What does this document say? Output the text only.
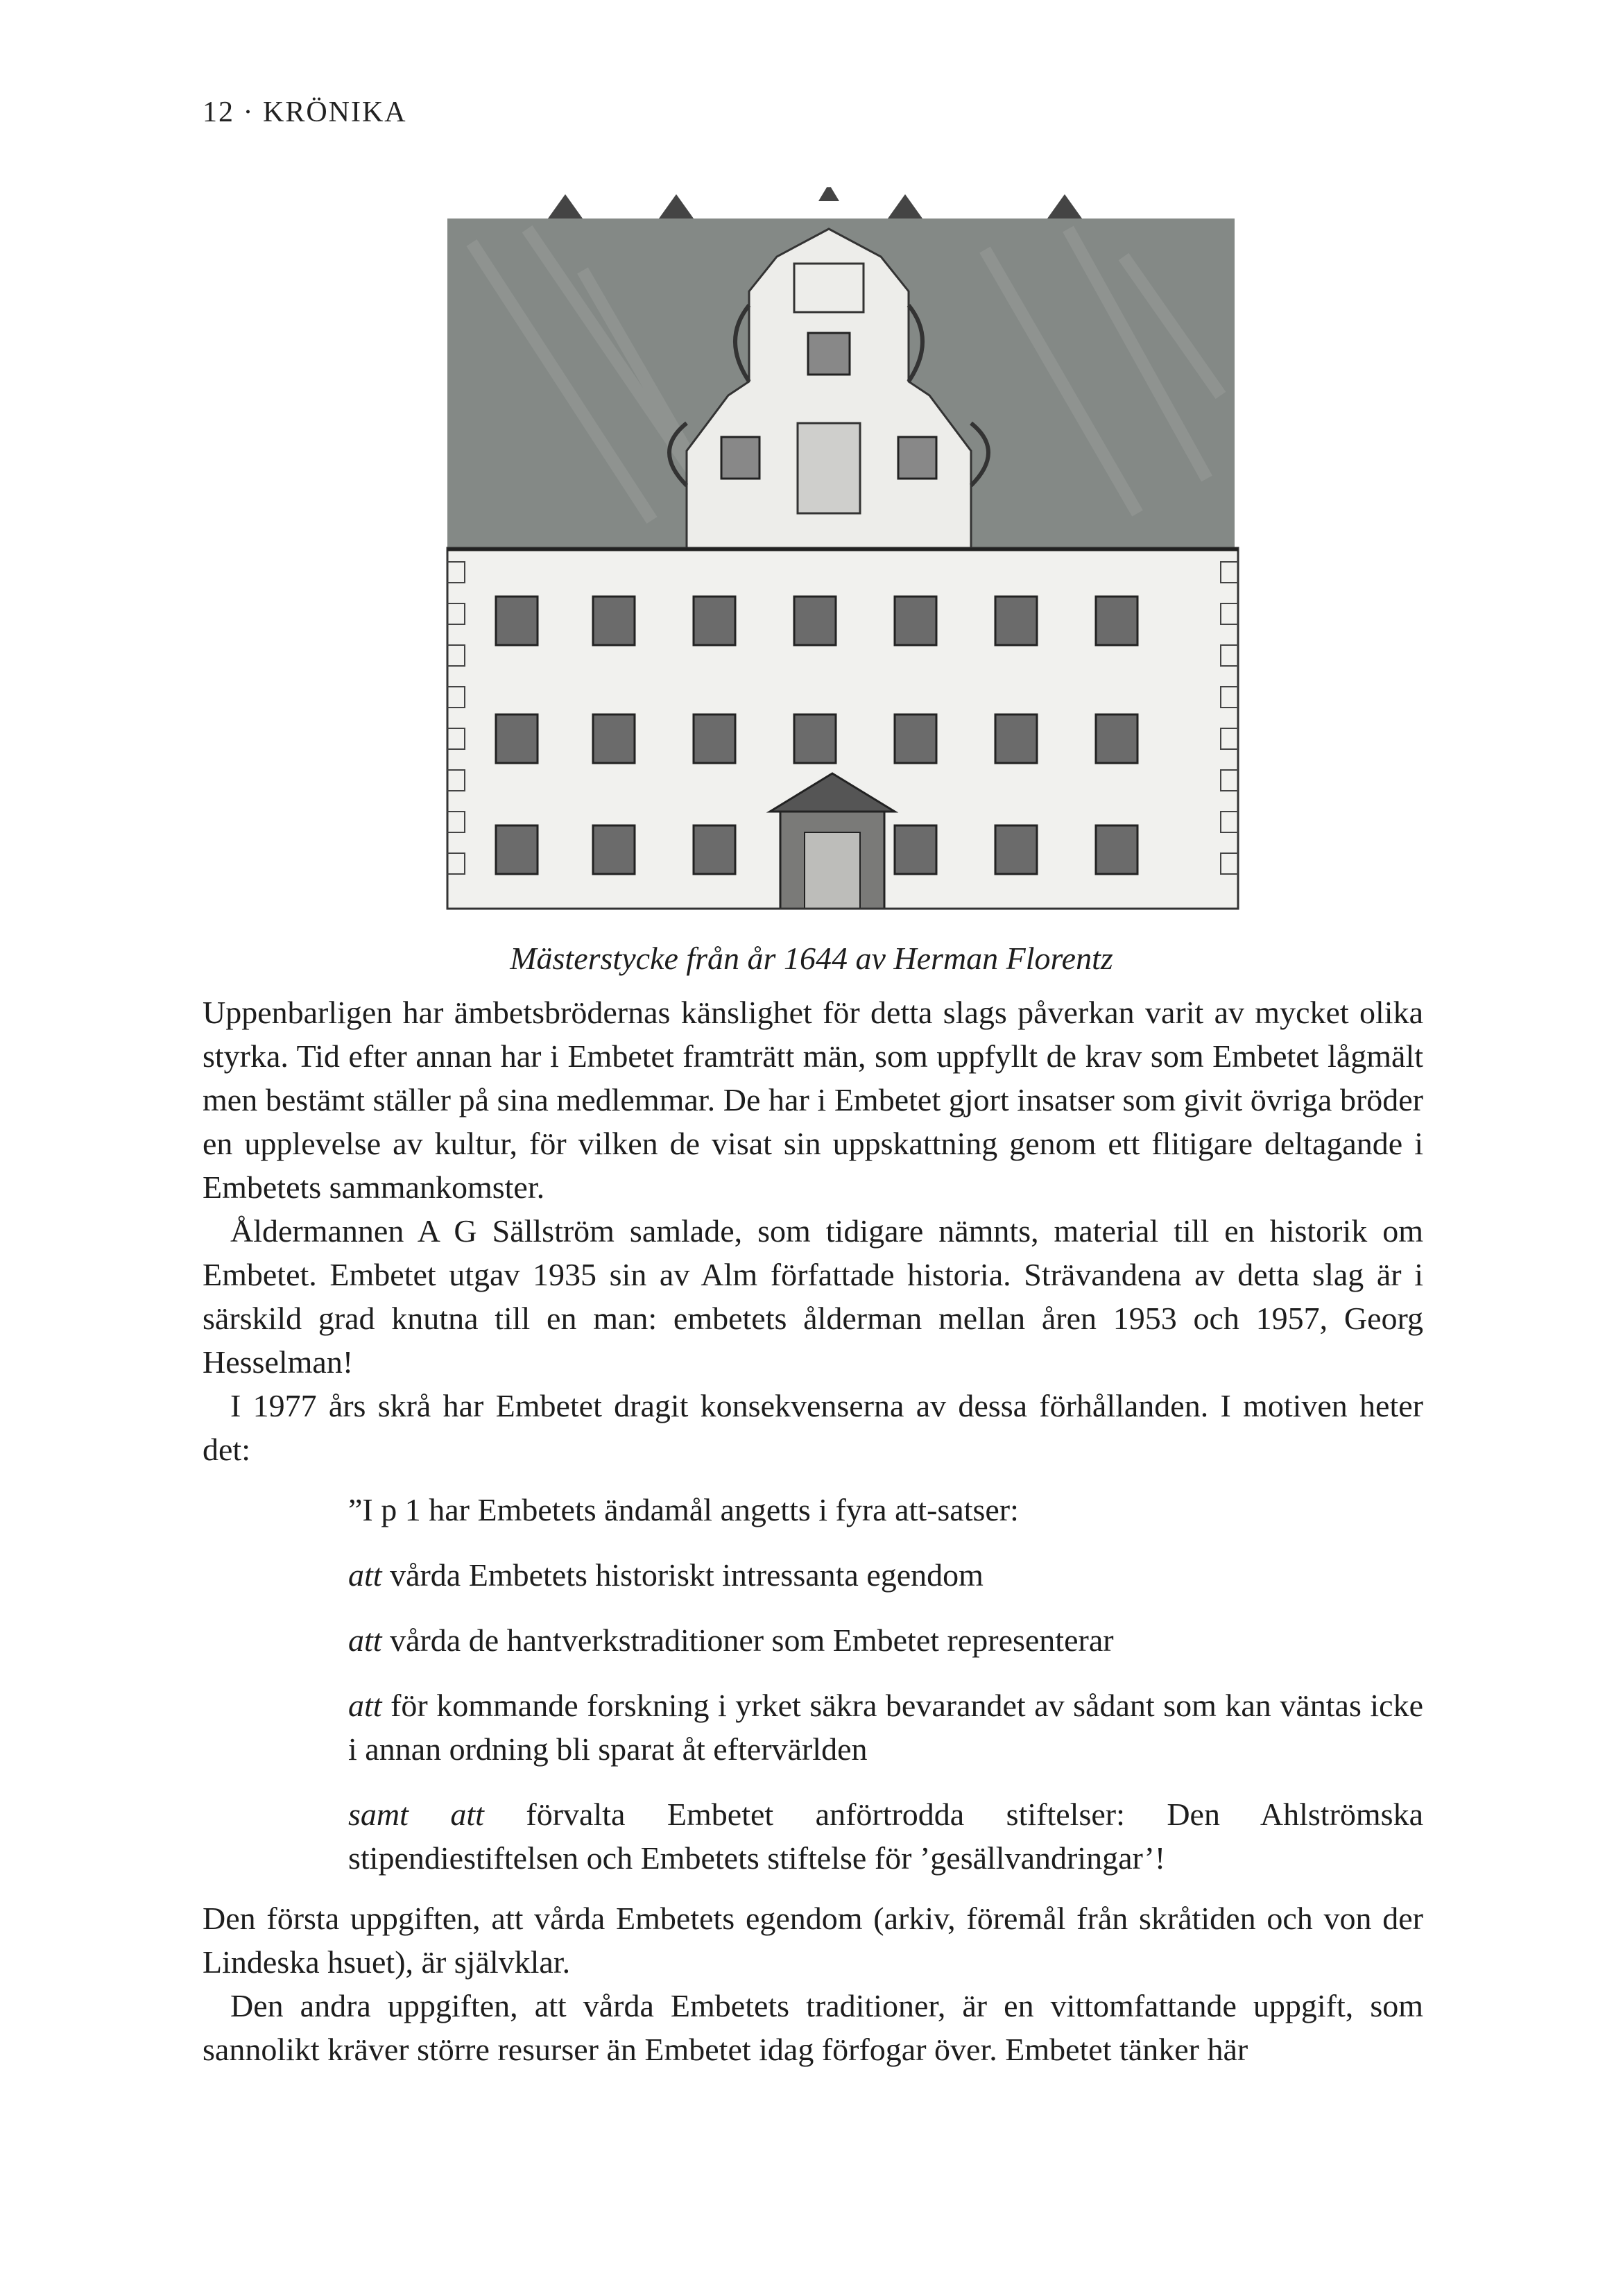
12 · KRÖNIKA
Mästerstycke från år 1644 av Herman Florentz

Uppenbarligen har ämbetsbrödernas känslighet för detta slags påverkan varit av mycket olika styrka. Tid efter annan har i Embetet framträtt män, som uppfyllt de krav som Embetet lågmält men bestämt ställer på sina medlemmar. De har i Embetet gjort insatser som givit övriga bröder en upplevelse av kultur, för vilken de visat sin uppskattning genom ett flitigare deltagande i Embetets sammankomster.

Åldermannen A G Sällström samlade, som tidigare nämnts, material till en historik om Embetet. Embetet utgav 1935 sin av Alm författade historia. Strävandena av detta slag är i särskild grad knutna till en man: embetets ålderman mellan åren 1953 och 1957, Georg Hesselman!

I 1977 års skrå har Embetet dragit konsekvenserna av dessa förhållanden. I motiven heter det:

”I p 1 har Embetets ändamål angetts i fyra att-satser:

att vårda Embetets historiskt intressanta egendom

att vårda de hantverkstraditioner som Embetet representerar

att för kommande forskning i yrket säkra bevarandet av sådant som kan väntas icke i annan ordning bli sparat åt eftervärlden

samt att förvalta Embetet anförtrodda stiftelser: Den Ahlströmska stipendiestiftelsen och Embetets stiftelse för ’gesällvandringar’!

Den första uppgiften, att vårda Embetets egendom (arkiv, föremål från skråtiden och von der Lindeska hsuet), är självklar.

Den andra uppgiften, att vårda Embetets traditioner, är en vittomfattande uppgift, som sannolikt kräver större resurser än Embetet idag förfogar över. Embetet tänker här
